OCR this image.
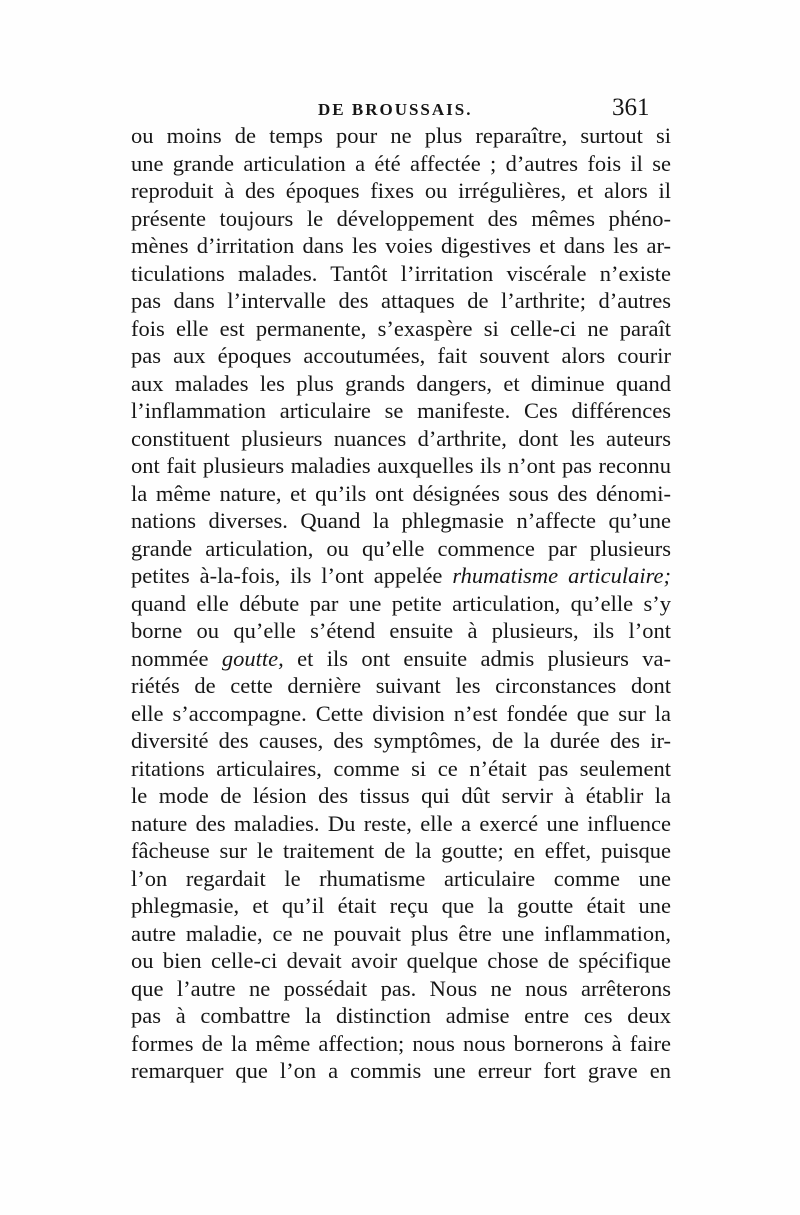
DE BROUSSAIS.	361
ou moins de temps pour ne plus reparaître, surtout si
une grande articulation a été affectée ; d’autres fois il se
reproduit à des époques fixes ou irrégulières, et alors il
présente toujours le développement des mêmes phéno-
mènes d’irritation dans les voies digestives et dans les ar-
ticulations malades. Tantôt l’irritation viscérale n’existe
pas dans l’intervalle des attaques de l’arthrite; d’autres
fois elle est permanente, s’exaspère si celle-ci ne paraît
pas aux époques accoutumées, fait souvent alors courir
aux malades les plus grands dangers, et diminue quand
l’inflammation articulaire se manifeste. Ces différences
constituent plusieurs nuances d’arthrite, dont les auteurs
ont fait plusieurs maladies auxquelles ils n’ont pas reconnu
la même nature, et qu’ils ont désignées sous des dénomi-
nations diverses. Quand la phlegmasie n’affecte qu’une
grande articulation, ou qu’elle commence par plusieurs
petites à-la-fois, ils l’ont appelée rhumatisme articulaire;
quand elle débute par une petite articulation, qu’elle s’y
borne ou qu’elle s’étend ensuite à plusieurs, ils l’ont
nommée goutte, et ils ont ensuite admis plusieurs va-
riétés de cette dernière suivant les circonstances dont
elle s’accompagne. Cette division n’est fondée que sur la
diversité des causes, des symptômes, de la durée des ir-
ritations articulaires, comme si ce n’était pas seulement
le mode de lésion des tissus qui dût servir à établir la
nature des maladies. Du reste, elle a exercé une influence
fâcheuse sur le traitement de la goutte; en effet, puisque
l’on regardait le rhumatisme articulaire comme une
phlegmasie, et qu’il était reçu que la goutte était une
autre maladie, ce ne pouvait plus être une inflammation,
ou bien celle-ci devait avoir quelque chose de spécifique
que l’autre ne possédait pas. Nous ne nous arrêterons
pas à combattre la distinction admise entre ces deux
formes de la même affection; nous nous bornerons à faire
remarquer que l’on a commis une erreur fort grave en
